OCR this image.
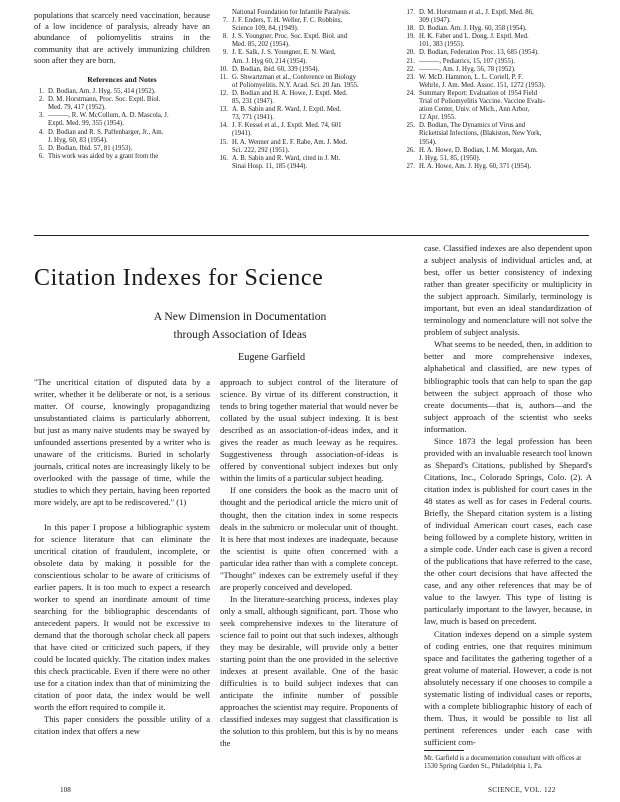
populations that scarcely need vaccination, because of a low incidence of paralysis, already have an abundance of poliomyelitis strains in the community that are actively immunizing children soon after they are born.

References and Notes
1. D. Bodian, Am. J. Hyg. 55, 414 (1952).
2. D. M. Horstmann, Proc. Soc. Exptl. Biol.
Med. 79, 417 (1952).
3. ———, R. W. McCollum, A. D. Mascola, J.
Exptl. Med. 99, 355 (1954).
4. D. Bodian and R. S. Paffenbarger, Jr., Am.
J. Hyg. 60, 83 (1954).
5. D. Bodian, Ibid. 57, 81 (1953).
6. This work was aided by a grant from the
National Foundation for Infantile Paralysis.
7. J. F. Enders, T. H. Weller, F. C. Robbins,
Science 109, 84, (1949).
8. J. S. Youngner, Proc. Soc. Exptl. Biol. and
Med. 85, 202 (1954).
9. J. E. Salk, J. S. Youngner, E. N. Ward,
Am. J. Hyg 60, 214 (1954).
10. D. Bodian, ibid. 60, 339 (1954).
11. G. Shwartzman et al., Conference on Biology
of Poliomyelitis. N.Y. Acad. Sci. 20 Jan. 1955.
12. D. Bodian and H. A. Howe, J. Exptl. Med.
85, 231 (1947).
13. A. B. Sabin and R. Ward, J. Exptl. Med.
73, 771 (1941).
14. J. F. Kessel et al., J. Exptl. Med. 74, 601
(1941).
15. H. A. Wenner and E. F. Rabe, Am. J. Med.
Sci. 222, 292 (1951).
16. A. B. Sabin and R. Ward, cited in J. Mt.
Sinai Hosp. 11, 185 (1944).
17. D. M. Horstmann et al., J. Exptl. Med. 86,
309 (1947).
18. D. Bodian. Am. J. Hyg. 60, 358 (1954).
19. H. K. Faber and L. Dong, J. Exptl. Med.
101, 383 (1955).
20. D. Bodian, Federation Proc. 13, 685 (1954).
21. ———, Pediatrics, 15, 107 (1955).
22. ———, Am. J. Hyg. 56, 78 (1952).
23. W. McD. Hammon, L. L. Coriell, P. F.
Wehrle, J. Am. Med. Assoc. 151, 1272 (1953).
24. Summary Report: Evaluation of 1954 Field
Trial of Poliomyelitis Vaccine. Vaccine Evalu-
ation Center, Univ. of Mich., Ann Arbor,
12 Apr. 1955.
25. D. Bodian, The Dynamics of Virus and
Rickettsial Infections, (Blakiston, New York,
1954).
26. H. A. Howe, D. Bodian, I. M. Morgan, Am.
J. Hyg. 51, 85, (1950).
27. H. A. Howe, Am. J. Hyg. 60, 371 (1954).
Citation Indexes for Science
A New Dimension in Documentation
through Association of Ideas
Eugene Garfield

"The uncritical citation of disputed data by a writer, whether it be deliberate or not, is a serious matter. Of course, knowingly propagandizing unsubstantiated claims is particularly abhorrent, but just as many naive students may be swayed by unfounded assertions presented by a writer who is unaware of the criticisms. Buried in scholarly journals, critical notes are increasingly likely to be overlooked with the passage of time, while the studies to which they pertain, having been reported more widely, are apt to be rediscovered." (1)

In this paper I propose a bibliographic system for science literature that can eliminate the uncritical citation of fraudulent, incomplete, or obsolete data by making it possible for the conscientious scholar to be aware of criticisms of earlier papers. It is too much to expect a research worker to spend an inordinate amount of time searching for the bibliographic descendants of antecedent papers. It would not be excessive to demand that the thorough scholar check all papers that have cited or criticized such papers, if they could be located quickly. The citation index makes this check practicable. Even if there were no other use for a citation index than that of minimizing the citation of poor data, the index would be well worth the effort required to compile it.

This paper considers the possible utility of a citation index that offers a new

approach to subject control of the literature of science. By virtue of its different construction, it tends to bring together material that would never be collated by the usual subject indexing. It is best described as an association-of-ideas index, and it gives the reader as much leeway as he requires. Suggestiveness through association-of-ideas is offered by conventional subject indexes but only within the limits of a particular subject heading.

If one considers the book as the macro unit of thought and the periodical article the micro unit of thought, then the citation index in some respects deals in the submicro or molecular unit of thought. It is here that most indexes are inadequate, because the scientist is quite often concerned with a particular idea rather than with a complete concept. "Thought" indexes can be extremely useful if they are properly conceived and developed.

In the literature-searching process, indexes play only a small, although significant, part. Those who seek comprehensive indexes to the literature of science fail to point out that such indexes, although they may be desirable, will provide only a better starting point than the one provided in the selective indexes at present available. One of the basic difficulties is to build subject indexes that can anticipate the infinite number of possible approaches the scientist may require. Proponents of classified indexes may suggest that classification is the solution to this problem, but this is by no means the

case. Classified indexes are also dependent upon a subject analysis of individual articles and, at best, offer us better consistency of indexing rather than greater specificity or multiplicity in the subject approach. Similarly, terminology is important, but even an ideal standardization of terminology and nomenclature will not solve the problem of subject analysis.

What seems to be needed, then, in addition to better and more comprehensive indexes, alphabetical and classified, are new types of bibliographic tools that can help to span the gap between the subject approach of those who create documents—that is, authors—and the subject approach of the scientist who seeks information.

Since 1873 the legal profession has been provided with an invaluable research tool known as Shepard's Citations, published by Shepard's Citations, Inc., Colorado Springs, Colo. (2). A citation index is published for court cases in the 48 states as well as for cases in Federal courts. Briefly, the Shepard citation system is a listing of individual American court cases, each case being followed by a complete history, written in a simple code. Under each case is given a record of the publications that have referred to the case, the other court decisions that have affected the case, and any other references that may be of value to the lawyer. This type of listing is particularly important to the lawyer, because, in law, much is based on precedent.

Citation indexes depend on a simple system of coding entries, one that requires minimum space and facilitates the gathering together of a great volume of material. However, a code is not absolutely necessary if one chooses to compile a systematic listing of individual cases or reports, with a complete bibliographic history of each of them. Thus, it would be possible to list all pertinent references under each case with sufficient com-

Mr. Garfield is a documentation consultant with offices at 1530 Spring Garden St., Philadelphia 1, Pa.
108	SCIENCE, VOL. 122
